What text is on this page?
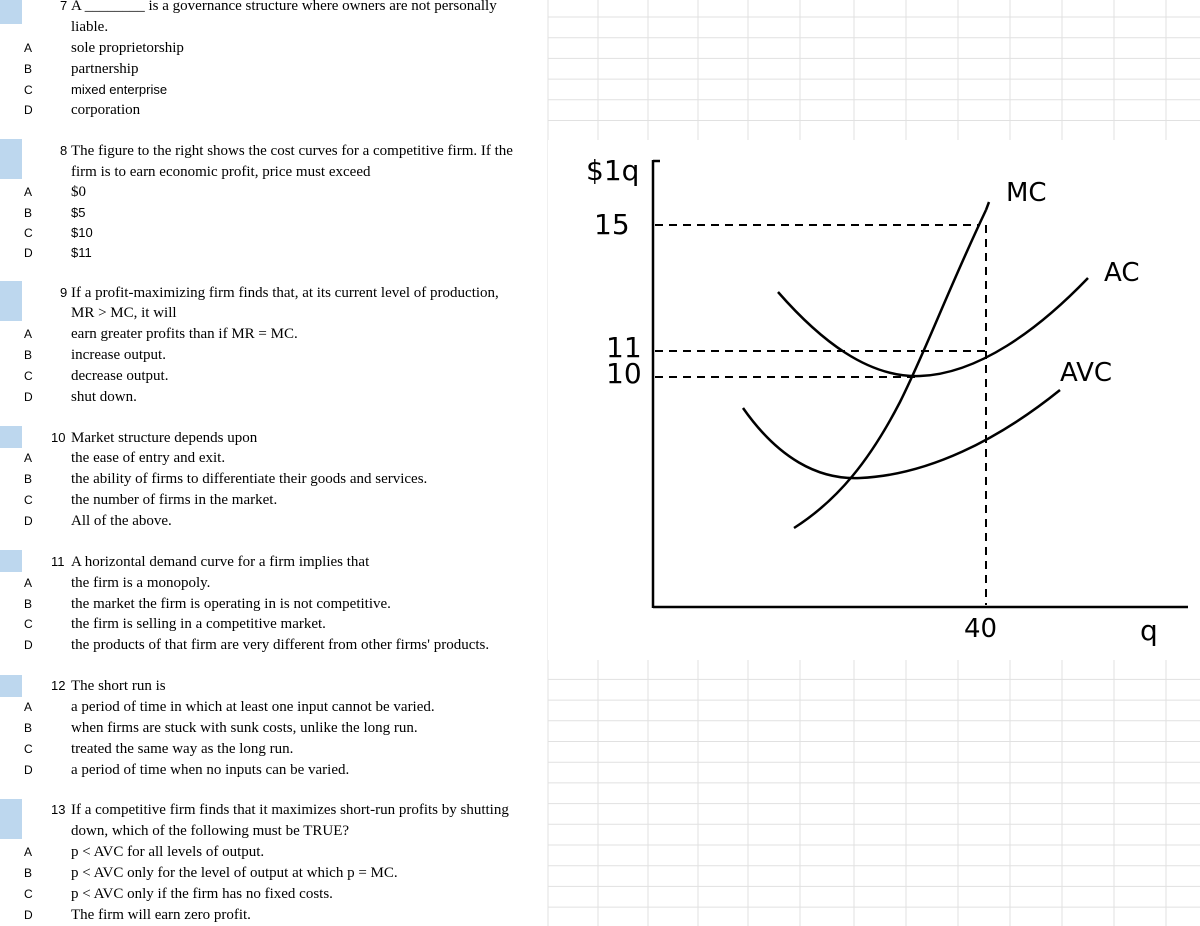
7 A ________ is a governance structure where owners are not personally
liable.
A	sole proprietorship
B	partnership
C	mixed enterprise
D	corporation
8 The figure to the right shows the cost curves for a competitive firm. If the
firm is to earn economic profit, price must exceed
A	$0
B	$5
C	$10
D	$11
9 If a profit-maximizing firm finds that, at its current level of production,
MR > MC, it will
A	earn greater profits than if MR = MC.
B	increase output.
C	decrease output.
D	shut down.
10 Market structure depends upon
A	the ease of entry and exit.
B	the ability of firms to differentiate their goods and services.
C	the number of firms in the market.
D	All of the above.
11 A horizontal demand curve for a firm implies that
A	the firm is a monopoly.
B	the market the firm is operating in is not competitive.
C	the firm is selling in a competitive market.
D	the products of that firm are very different from other firms' products.
12 The short run is
A	a period of time in which at least one input cannot be varied.
B	when firms are stuck with sunk costs, unlike the long run.
C	treated the same way as the long run.
D	a period of time when no inputs can be varied.
13 If a competitive firm finds that it maximizes short-run profits by shutting
down, which of the following must be TRUE?
A	p < AVC for all levels of output.
B	p < AVC only for the level of output at which p = MC.
C	p < AVC only if the firm has no fixed costs.
D	The firm will earn zero profit.
$1q
15
11
10
40	q
MC
AC
AVC
